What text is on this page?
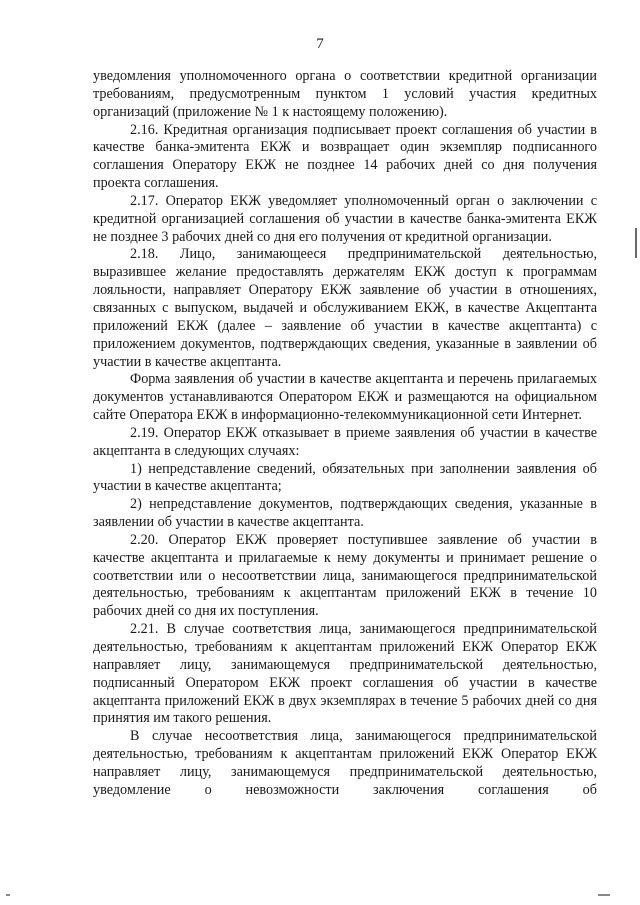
7

уведомления уполномоченного органа о соответствии кредитной организации требованиям, предусмотренным пунктом 1 условий участия кредитных организаций (приложение № 1 к настоящему положению).

2.16. Кредитная организация подписывает проект соглашения об участии в качестве банка-эмитента ЕКЖ и возвращает один экземпляр подписанного соглашения Оператору ЕКЖ не позднее 14 рабочих дней со дня получения проекта соглашения.

2.17. Оператор ЕКЖ уведомляет уполномоченный орган о заключении с кредитной организацией соглашения об участии в качестве банка-эмитента ЕКЖ не позднее 3 рабочих дней со дня его получения от кредитной организации.

2.18. Лицо, занимающееся предпринимательской деятельностью, выразившее желание предоставлять держателям ЕКЖ доступ к программам лояльности, направляет Оператору ЕКЖ заявление об участии в отношениях, связанных с выпуском, выдачей и обслуживанием ЕКЖ, в качестве Акцептанта приложений ЕКЖ (далее – заявление об участии в качестве акцептанта) с приложением документов, подтверждающих сведения, указанные в заявлении об участии в качестве акцептанта.

Форма заявления об участии в качестве акцептанта и перечень прилагаемых документов устанавливаются Оператором ЕКЖ и размещаются на официальном сайте Оператора ЕКЖ в информационно-телекоммуникационной сети Интернет.

2.19. Оператор ЕКЖ отказывает в приеме заявления об участии в качестве акцептанта в следующих случаях:

1) непредставление сведений, обязательных при заполнении заявления об участии в качестве акцептанта;

2) непредставление документов, подтверждающих сведения, указанные в заявлении об участии в качестве акцептанта.

2.20. Оператор ЕКЖ проверяет поступившее заявление об участии в качестве акцептанта и прилагаемые к нему документы и принимает решение о соответствии или о несоответствии лица, занимающегося предпринимательской деятельностью, требованиям к акцептантам приложений ЕКЖ в течение 10 рабочих дней со дня их поступления.

2.21. В случае соответствия лица, занимающегося предпринимательской деятельностью, требованиям к акцептантам приложений ЕКЖ Оператор ЕКЖ направляет лицу, занимающемуся предпринимательской деятельностью, подписанный Оператором ЕКЖ проект соглашения об участии в качестве акцептанта приложений ЕКЖ в двух экземплярах в течение 5 рабочих дней со дня принятия им такого решения.

В случае несоответствия лица, занимающегося предпринимательской деятельностью, требованиям к акцептантам приложений ЕКЖ Оператор ЕКЖ направляет лицу, занимающемуся предпринимательской деятельностью, уведомление о невозможности заключения соглашения об
